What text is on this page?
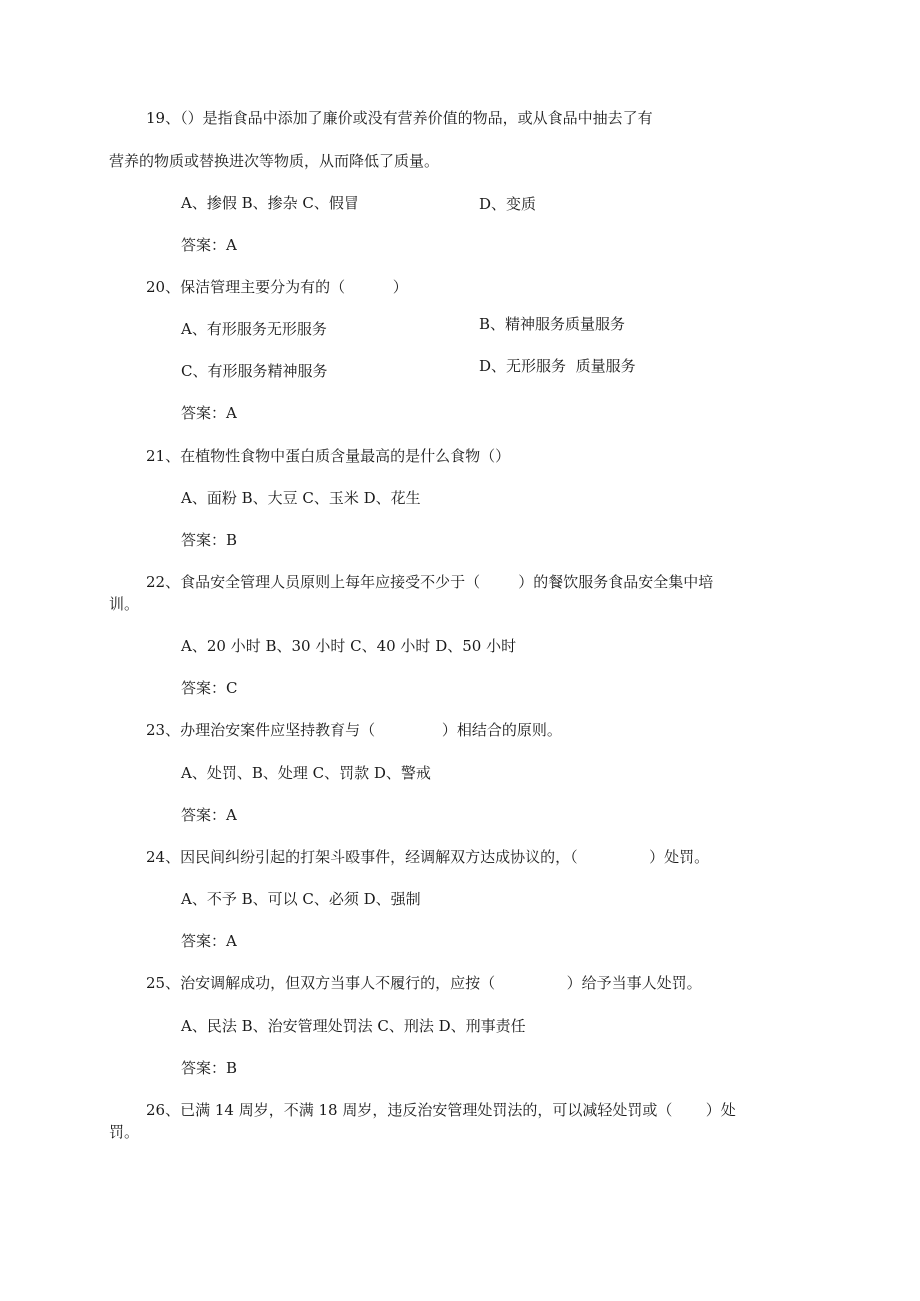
19、（）是指食品中添加了廉价或没有营养价值的物品，或从食品中抽去了有
营养的物质或替换进次等物质，从而降低了质量。
A、掺假 B、掺杂 C、假冒	D、变质
答案：A
20、保洁管理主要分为有的（          ）
A、有形服务无形服务	B、精神服务质量服务
C、有形服务精神服务	D、无形服务  质量服务
答案：A
21、在植物性食物中蛋白质含量最高的是什么食物（）
A、面粉 B、大豆 C、玉米 D、花生
答案：B
22、食品安全管理人员原则上每年应接受不少于（        ）的餐饮服务食品安全集中培
训。
A、20 小时 B、30 小时 C、40 小时 D、50 小时
答案：C
23、办理治安案件应坚持教育与（              ）相结合的原则。
A、处罚、B、处理 C、罚款 D、警戒
答案：A
24、因民间纠纷引起的打架斗殴事件，经调解双方达成协议的，（               ）处罚。
A、不予 B、可以 C、必须 D、强制
答案：A
25、治安调解成功，但双方当事人不履行的，应按（               ）给予当事人处罚。
A、民法 B、治安管理处罚法 C、刑法 D、刑事责任
答案：B
26、已满 14 周岁，不满 18 周岁，违反治安管理处罚法的，可以减轻处罚或（       ）处
罚。
